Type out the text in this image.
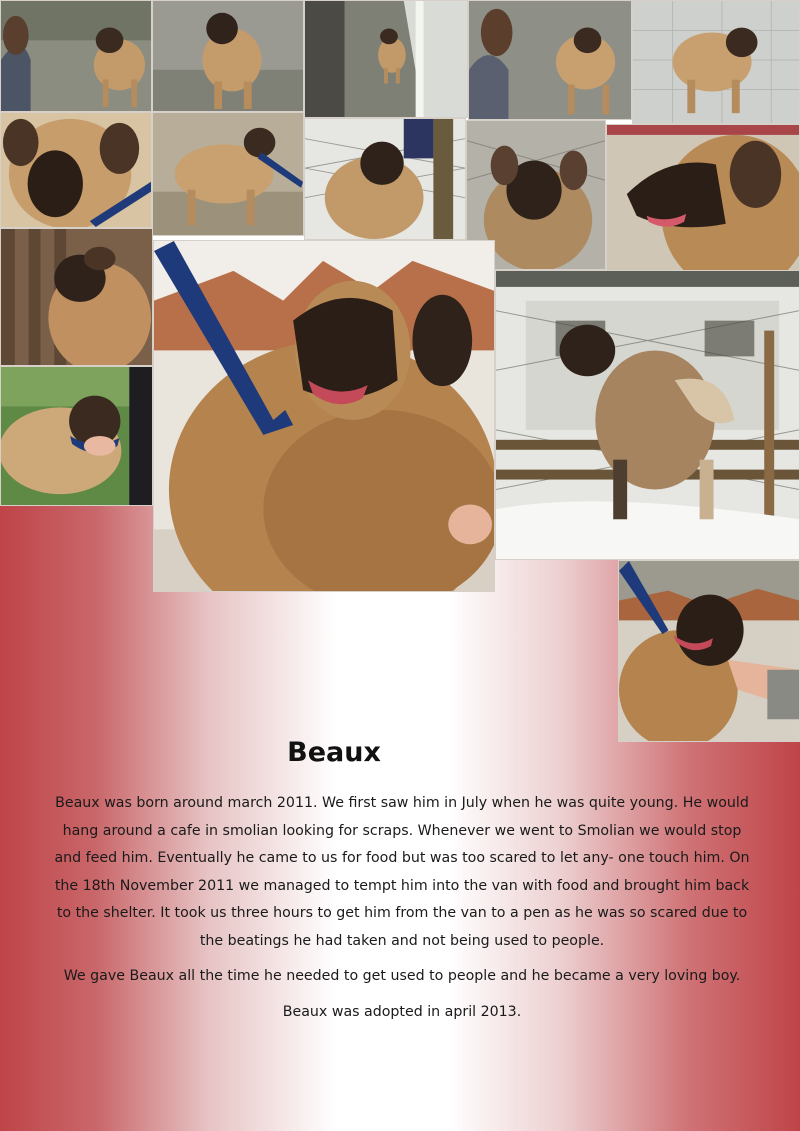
Beaux

Beaux was born around march 2011. We first saw him in July when he was quite young. He would hang around a cafe in smolian looking for scraps. Whenever we went to Smolian we would stop and feed him. Eventually he came to us for food but was too scared to let any- one touch him. On the 18th November 2011 we managed to tempt him into the van with food and brought him back to the shelter. It took us three hours to get him from the van to a pen as he was so scared due to the beatings he had taken and not being used to people.

We gave Beaux all the time he needed to get used to people and he became a very loving boy.

Beaux was adopted in april 2013.
